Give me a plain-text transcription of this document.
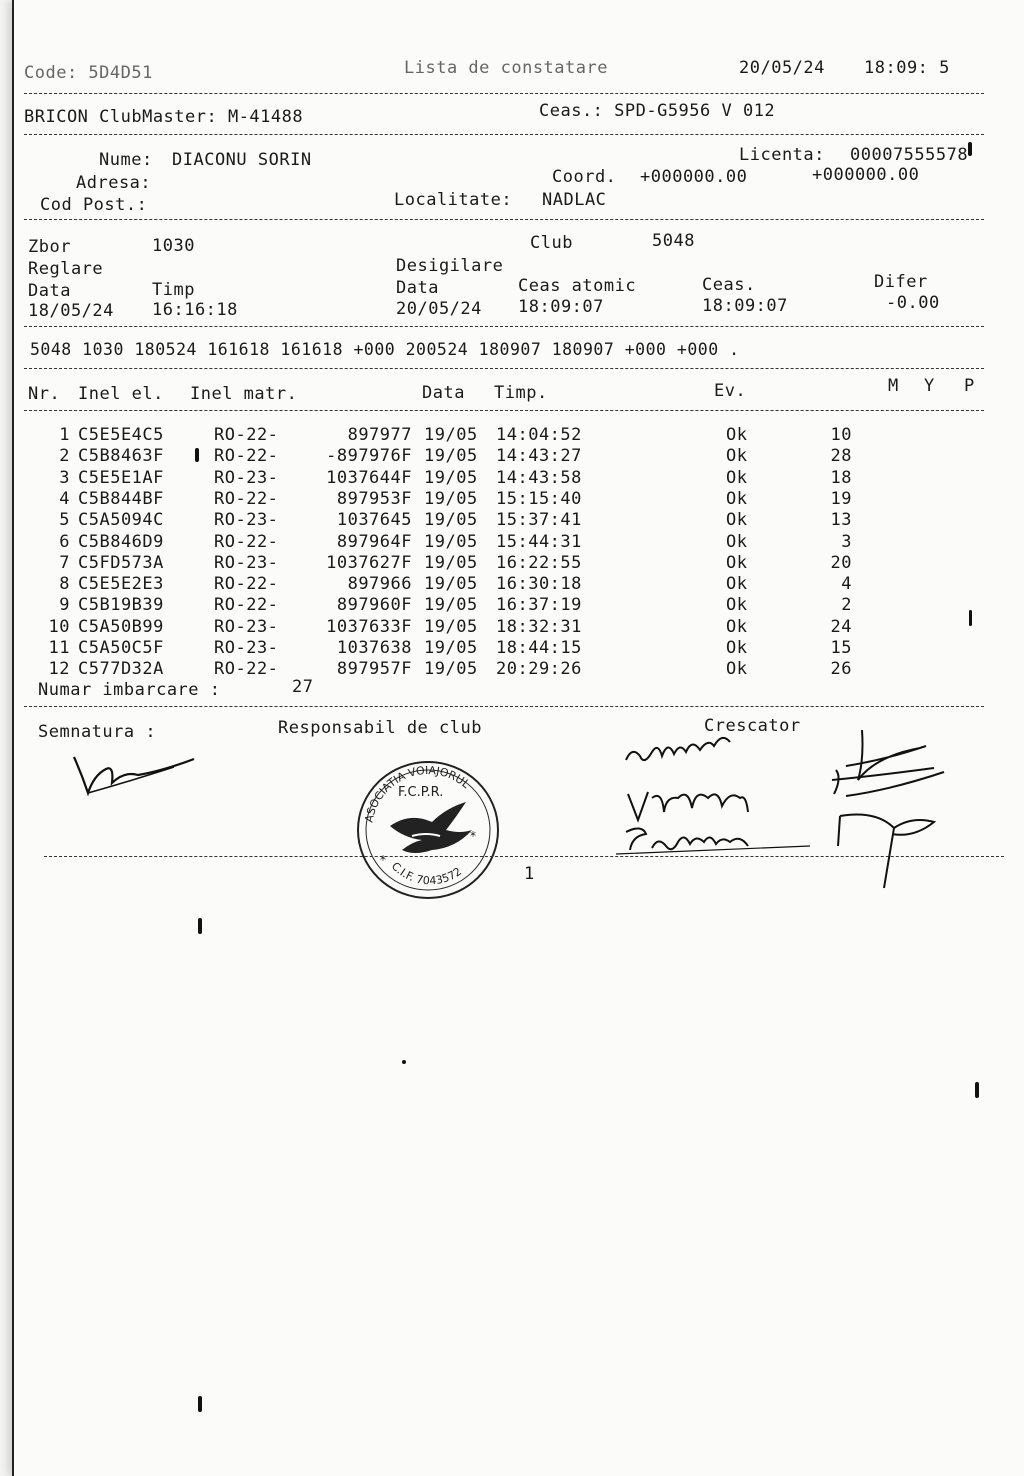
Code: 5D4D51	Lista de constatare	20/05/24 18:09: 5
BRICON ClubMaster: M-41488	Ceas.: SPD-G5956 V 012
Nume: DIACONU SORIN	Licenta: 00007555578
Adresa:	Coord. +000000.00	+000000.00
Cod Post.:	Localitate: NADLAC
Zbor	1030	Club	5048
Reglare	Desigilare
Data	Timp	Data	Ceas atomic	Ceas.	Difer
18/05/24 16:16:18	20/05/24 18:09:07	18:09:07	-0.00
5048 1030 180524 161618 161618 +000 200524 180907 180907 +000 +000 .
Nr. Inel el. Inel matr.	Data Timp.	Ev.	M Y P
1 C5E5E4C5	RO-22-	897977 19/05 14:04:52	Ok	10
2 C5B8463F	RO-22-	-897976F 19/05 14:43:27	Ok	28
3 C5E5E1AF	RO-23-	1037644F 19/05 14:43:58	Ok	18
4 C5B844BF	RO-22-	897953F 19/05 15:15:40	Ok	19
5 C5A5094C	RO-23-	1037645 19/05 15:37:41	Ok	13
6 C5B846D9	RO-22-	897964F 19/05 15:44:31	Ok	3
7 C5FD573A	RO-23-	1037627F 19/05 16:22:55	Ok	20
8 C5E5E2E3	RO-22-	897966 19/05 16:30:18	Ok	4
9 C5B19B39	RO-22-	897960F 19/05 16:37:19	Ok	2
10 C5A50B99	RO-23-	1037633F 19/05 18:32:31	Ok	24
11 C5A50C5F	RO-23-	1037638 19/05 18:44:15	Ok	15
12 C577D32A	RO-22-	897957F 19/05 20:29:26	Ok	26
Numar imbarcare :	27
Semnatura :	Responsabil de club	Crescator
ASOCIATIA VOIAJORUL
F.C.P.R.
*
*
C.I.F. 7043572	1
